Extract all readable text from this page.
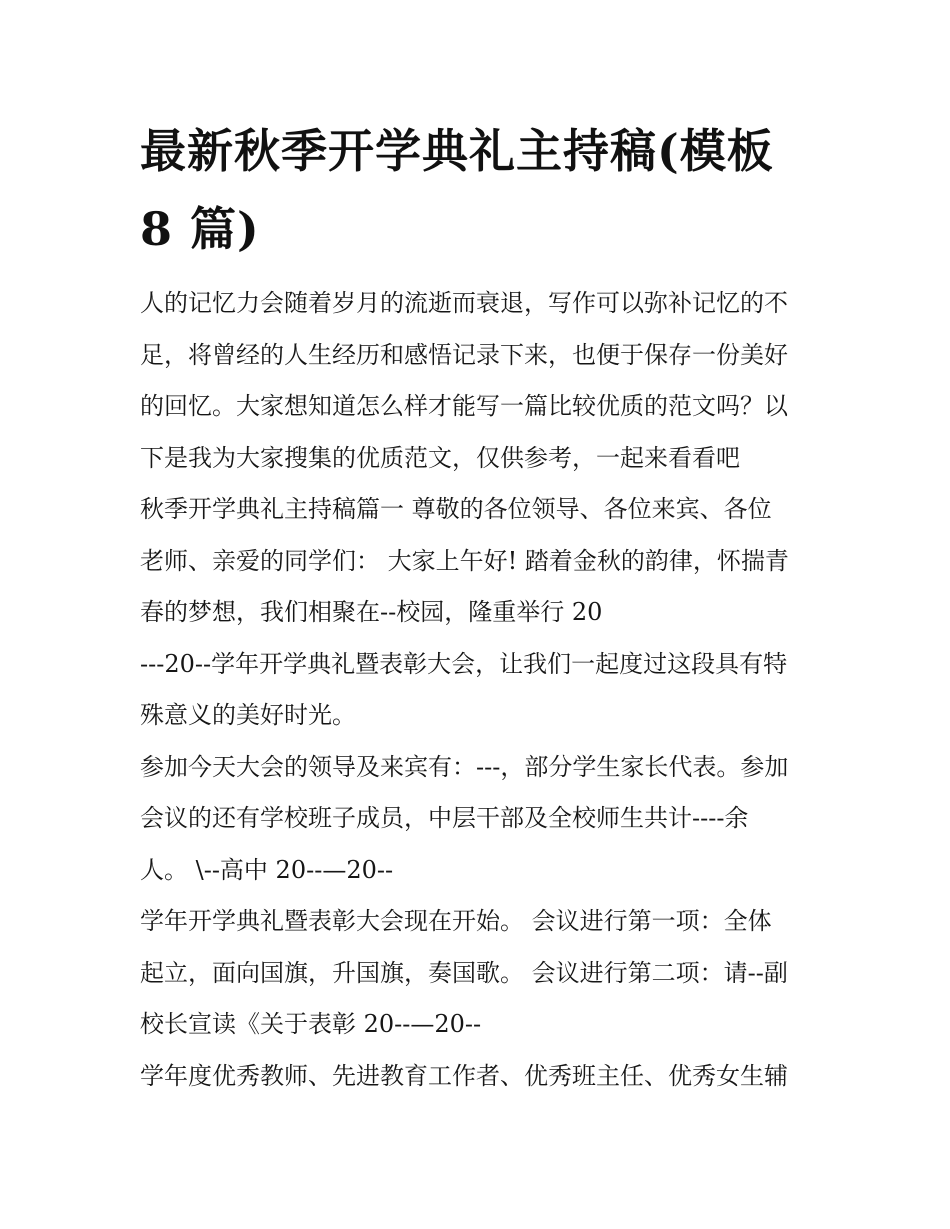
最新秋季开学典礼主持稿(模板
8 篇)
人的记忆力会随着岁月的流逝而衰退，写作可以弥补记忆的不
足，将曾经的人生经历和感悟记录下来，也便于保存一份美好
的回忆。大家想知道怎么样才能写一篇比较优质的范文吗？以
下是我为大家搜集的优质范文，仅供参考，一起来看看吧
秋季开学典礼主持稿篇一 尊敬的各位领导、各位来宾、各位
老师、亲爱的同学们： 大家上午好! 踏着金秋的韵律，怀揣青
春的梦想，我们相聚在--校园，隆重举行 20
---20--学年开学典礼暨表彰大会，让我们一起度过这段具有特
殊意义的美好时光。
参加今天大会的领导及来宾有：---，部分学生家长代表。参加
会议的还有学校班子成员，中层干部及全校师生共计----余
人。 \--高中 20--—20--
学年开学典礼暨表彰大会现在开始。 会议进行第一项：全体
起立，面向国旗，升国旗，奏国歌。 会议进行第二项：请--副
校长宣读《关于表彰 20--—20--
学年度优秀教师、先进教育工作者、优秀班主任、优秀女生辅
